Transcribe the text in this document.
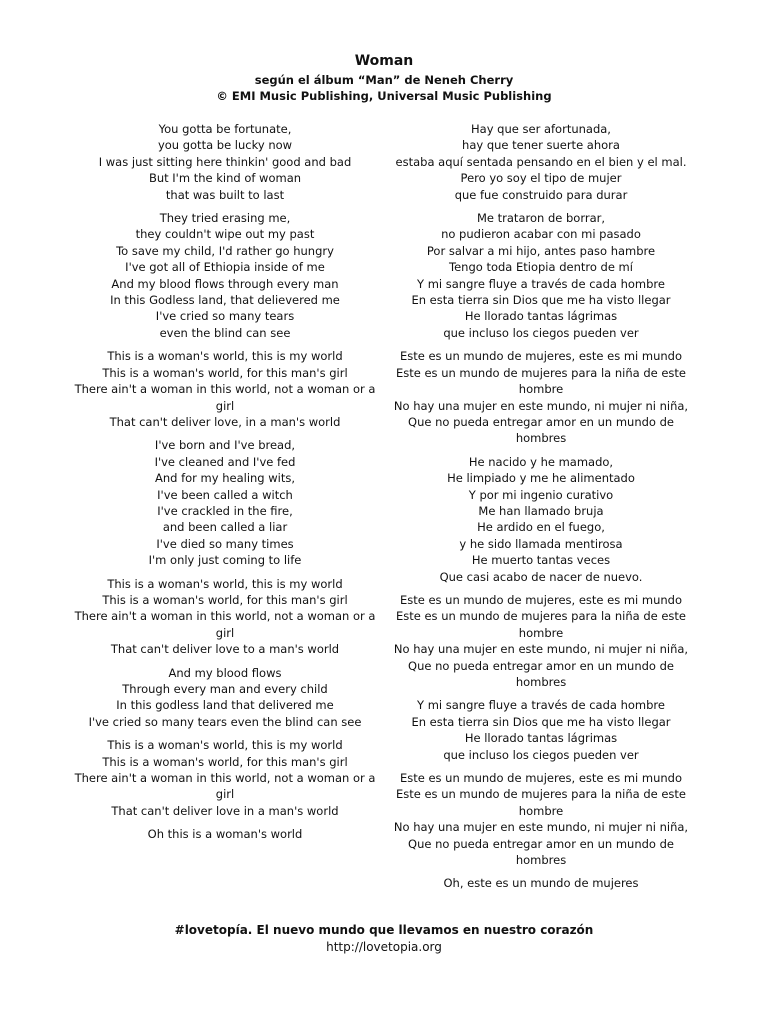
Woman
según el álbum “Man” de Neneh Cherry
© EMI Music Publishing, Universal Music Publishing
You gotta be fortunate,
you gotta be lucky now
I was just sitting here thinkin' good and bad
But I'm the kind of woman
that was built to last
They tried erasing me,
they couldn't wipe out my past
To save my child, I'd rather go hungry
I've got all of Ethiopia inside of me
And my blood flows through every man
In this Godless land, that delievered me
I've cried so many tears
even the blind can see
This is a woman's world, this is my world
This is a woman's world, for this man's girl
There ain't a woman in this world, not a woman or a girl
That can't deliver love, in a man's world
I've born and I've bread,
I've cleaned and I've fed
And for my healing wits,
I've been called a witch
I've crackled in the fire,
and been called a liar
I've died so many times
I'm only just coming to life
This is a woman's world, this is my world
This is a woman's world, for this man's girl
There ain't a woman in this world, not a woman or a girl
That can't deliver love to a man's world
And my blood flows
Through every man and every child
In this godless land that delivered me
I've cried so many tears even the blind can see
This is a woman's world, this is my world
This is a woman's world, for this man's girl
There ain't a woman in this world, not a woman or a girl
That can't deliver love in a man's world
Oh this is a woman's world
Hay que ser afortunada,
hay que tener suerte ahora
estaba aquí sentada pensando en el bien y el mal.
Pero yo soy el tipo de mujer
que fue construido para durar
Me trataron de borrar,
no pudieron acabar con mi pasado
Por salvar a mi hijo, antes paso hambre
Tengo toda Etiopia dentro de mí
Y mi sangre fluye a través de cada hombre
En esta tierra sin Dios que me ha visto llegar
He llorado tantas lágrimas
que incluso los ciegos pueden ver
Este es un mundo de mujeres, este es mi mundo
Este es un mundo de mujeres para la niña de este hombre
No hay una mujer en este mundo, ni mujer ni niña,
Que no pueda entregar amor en un mundo de hombres
He nacido y he mamado,
He limpiado y me he alimentado
Y por mi ingenio curativo
Me han llamado bruja
He ardido en el fuego,
y he sido llamada mentirosa
He muerto tantas veces
Que casi acabo de nacer de nuevo.
Este es un mundo de mujeres, este es mi mundo
Este es un mundo de mujeres para la niña de este hombre
No hay una mujer en este mundo, ni mujer ni niña,
Que no pueda entregar amor en un mundo de hombres
Y mi sangre fluye a través de cada hombre
En esta tierra sin Dios que me ha visto llegar
He llorado tantas lágrimas
que incluso los ciegos pueden ver
Este es un mundo de mujeres, este es mi mundo
Este es un mundo de mujeres para la niña de este hombre
No hay una mujer en este mundo, ni mujer ni niña,
Que no pueda entregar amor en un mundo de hombres
Oh, este es un mundo de mujeres
#lovetopía. El nuevo mundo que llevamos en nuestro corazón
http://lovetopia.org
